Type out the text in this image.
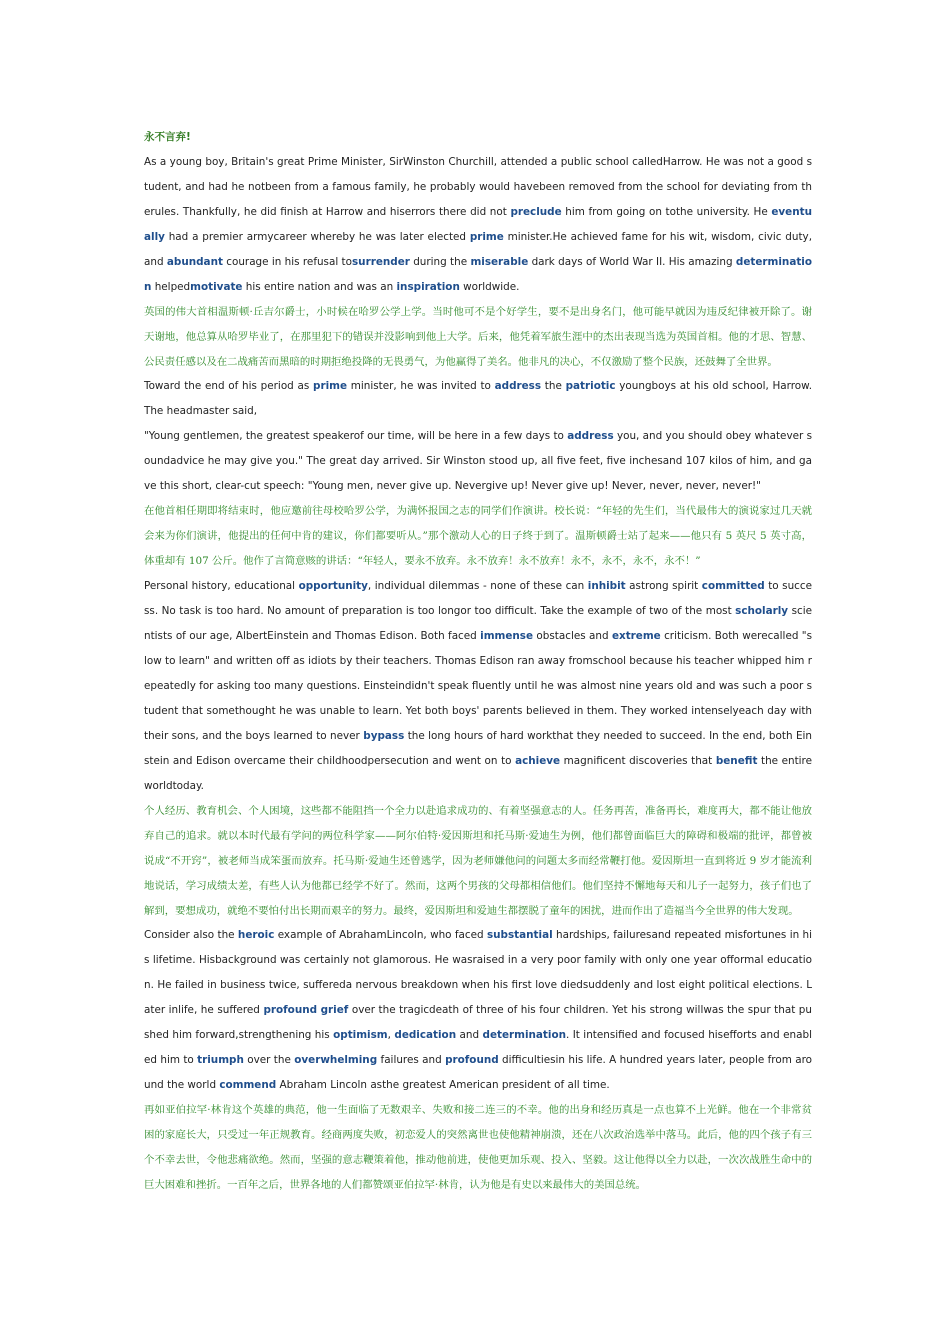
永不言弃!

As a young boy, Britain's great Prime Minister, SirWinston Churchill, attended a public school calledHarrow. He was not a good student, and had he notbeen from a famous family, he probably would havebeen removed from the school for deviating from therules. Thankfully, he did finish at Harrow and hiserrors there did not preclude him from going on tothe university. He eventually had a premier armycareer whereby he was later elected prime minister.He achieved fame for his wit, wisdom, civic duty, and abundant courage in his refusal tosurrender during the miserable dark days of World War II. His amazing determination helpedmotivate his entire nation and was an inspiration worldwide.

英国的伟大首相温斯顿·丘吉尔爵士，小时候在哈罗公学上学。当时他可不是个好学生，要不是出身名门，他可能早就因为违反纪律被开除了。谢天谢地，他总算从哈罗毕业了，在那里犯下的错误并没影响到他上大学。后来，他凭着军旅生涯中的杰出表现当选为英国首相。他的才思、智慧、公民责任感以及在二战痛苦而黑暗的时期拒绝投降的无畏勇气，为他赢得了美名。他非凡的决心，不仅激励了整个民族，还鼓舞了全世界。

Toward the end of his period as prime minister, he was invited to address the patriotic youngboys at his old school, Harrow. The headmaster said,

"Young gentlemen, the greatest speakerof our time, will be here in a few days to address you, and you should obey whatever soundadvice he may give you." The great day arrived. Sir Winston stood up, all five feet, five inchesand 107 kilos of him, and gave this short, clear-cut speech: "Young men, never give up. Nevergive up! Never give up! Never, never, never, never!"

在他首相任期即将结束时，他应邀前往母校哈罗公学，为满怀报国之志的同学们作演讲。校长说：“年轻的先生们，当代最伟大的演说家过几天就会来为你们演讲，他提出的任何中肯的建议，你们都要听从。”那个激动人心的日子终于到了。温斯顿爵士站了起来——他只有 5 英尺 5 英寸高，体重却有 107 公斤。他作了言简意赅的讲话：“年轻人，要永不放弃。永不放弃！永不放弃！永不，永不，永不，永不！”

Personal history, educational opportunity, individual dilemmas - none of these can inhibit astrong spirit committed to success. No task is too hard. No amount of preparation is too longor too difficult. Take the example of two of the most scholarly scientists of our age, AlbertEinstein and Thomas Edison. Both faced immense obstacles and extreme criticism. Both werecalled "slow to learn" and written off as idiots by their teachers. Thomas Edison ran away fromschool because his teacher whipped him repeatedly for asking too many questions. Einsteindidn't speak fluently until he was almost nine years old and was such a poor student that somethought he was unable to learn. Yet both boys' parents believed in them. They worked intenselyeach day with their sons, and the boys learned to never bypass the long hours of hard workthat they needed to succeed. In the end, both Einstein and Edison overcame their childhoodpersecution and went on to achieve magnificent discoveries that benefit the entire worldtoday.

个人经历、教育机会、个人困境，这些都不能阻挡一个全力以赴追求成功的、有着坚强意志的人。任务再苦，准备再长，难度再大，都不能让他放弃自己的追求。就以本时代最有学问的两位科学家——阿尔伯特·爱因斯坦和托马斯·爱迪生为例，他们都曾面临巨大的障碍和极端的批评，都曾被说成“不开窍”，被老师当成笨蛋而放弃。托马斯·爱迪生还曾逃学，因为老师嫌他问的问题太多而经常鞭打他。爱因斯坦一直到将近 9 岁才能流利地说话，学习成绩太差，有些人认为他都已经学不好了。然而，这两个男孩的父母都相信他们。他们坚持不懈地每天和儿子一起努力，孩子们也了解到，要想成功，就绝不要怕付出长期而艰辛的努力。最终，爱因斯坦和爱迪生都摆脱了童年的困扰，进而作出了造福当今全世界的伟大发现。

Consider also the heroic example of AbrahamLincoln, who faced substantial hardships, failuresand repeated misfortunes in his lifetime. Hisbackground was certainly not glamorous. He wasraised in a very poor family with only one year offormal education. He failed in business twice, suffereda nervous breakdown when his first love diedsuddenly and lost eight political elections. Later inlife, he suffered profound grief over the tragicdeath of three of his four children. Yet his strong willwas the spur that pushed him forward,strengthening his optimism, dedication and determination. It intensified and focused hisefforts and enabled him to triumph over the overwhelming failures and profound difficultiesin his life. A hundred years later, people from around the world commend Abraham Lincoln asthe greatest American president of all time.

再如亚伯拉罕·林肯这个英雄的典范，他一生面临了无数艰辛、失败和接二连三的不幸。他的出身和经历真是一点也算不上光鲜。他在一个非常贫困的家庭长大，只受过一年正规教育。经商两度失败，初恋爱人的突然离世也使他精神崩溃，还在八次政治选举中落马。此后，他的四个孩子有三个不幸去世，令他悲痛欲绝。然而，坚强的意志鞭策着他，推动他前进，使他更加乐观、投入、坚毅。这让他得以全力以赴，一次次战胜生命中的巨大困难和挫折。一百年之后，世界各地的人们都赞颂亚伯拉罕·林肯，认为他是有史以来最伟大的美国总统。
